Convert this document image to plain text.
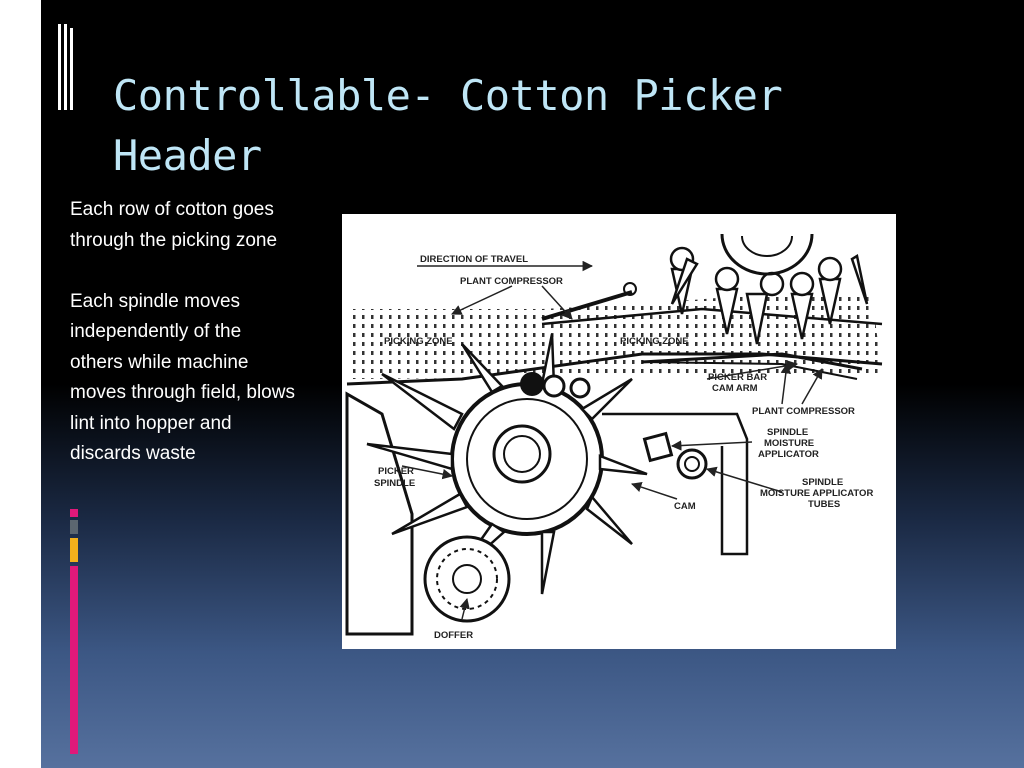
Controllable- Cotton Picker Header

Each row of cotton goes through the picking zone

Each spindle moves independently of the others while machine moves through field, blows lint into hopper and discards waste

DIRECTION OF TRAVEL
PLANT COMPRESSOR
PICKING ZONE	PICKING ZONE
PICKER BAR
CAM ARM
PLANT COMPRESSOR
SPINDLE
MOISTURE
APPLICATOR
PICKER
SPINDLE
CAM
SPINDLE
MOISTURE APPLICATOR
TUBES
DOFFER
